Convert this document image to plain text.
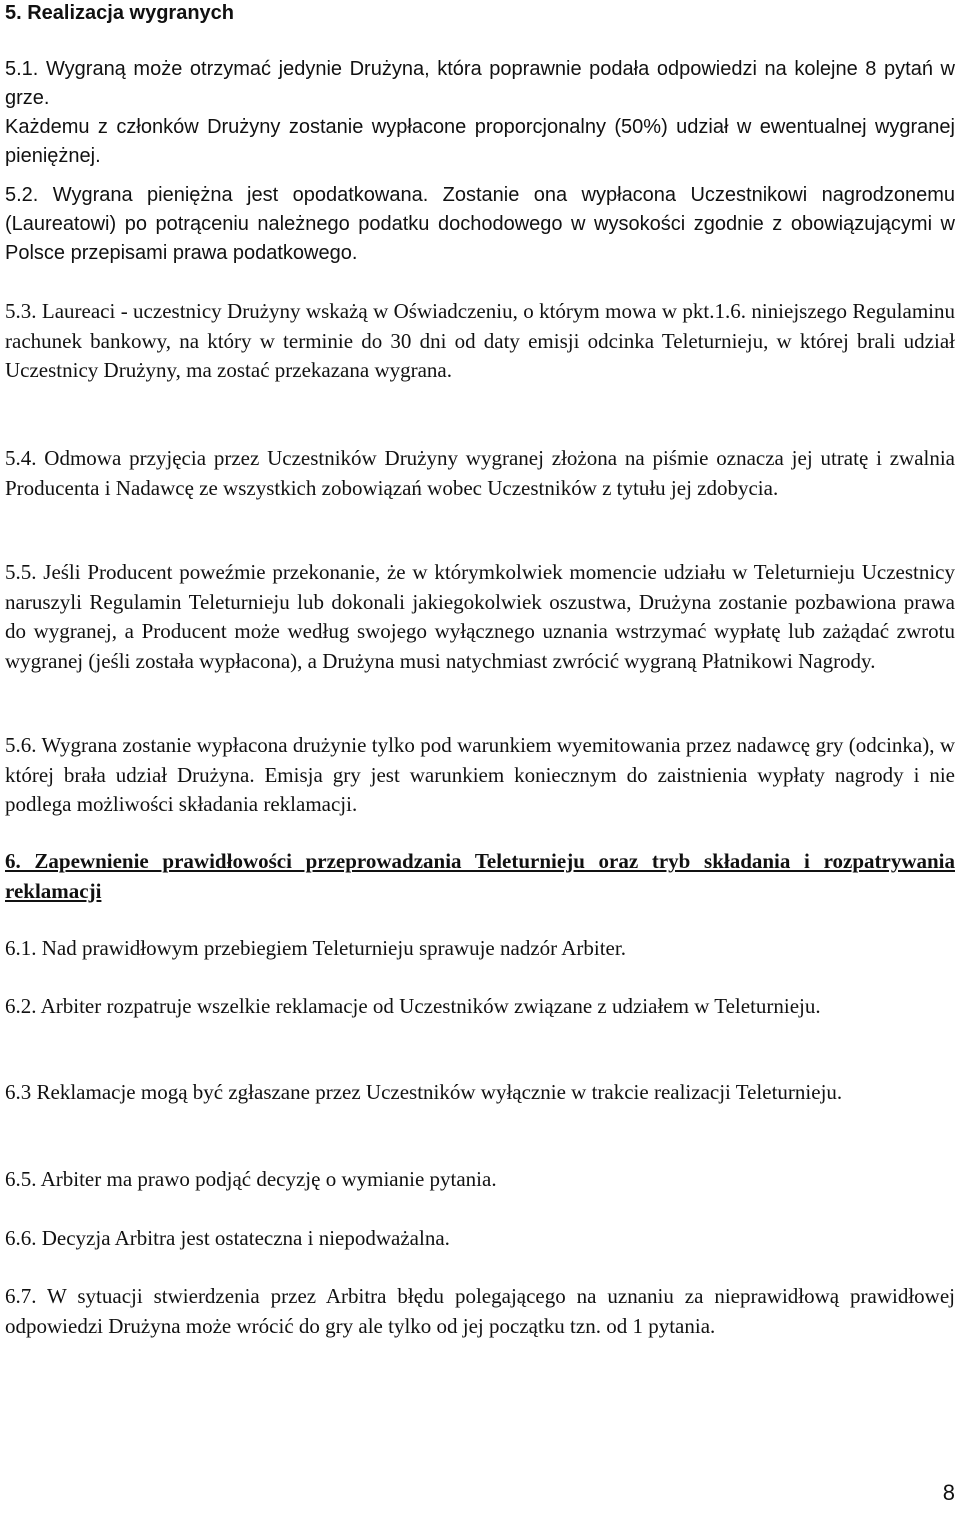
5. Realizacja wygranych

5.1. Wygraną może otrzymać jedynie Drużyna, która poprawnie podała odpowiedzi na kolejne 8 pytań w grze.

Każdemu z członków Drużyny zostanie wypłacone proporcjonalny (50%) udział w ewentualnej wygranej pieniężnej.

5.2. Wygrana pieniężna jest opodatkowana. Zostanie ona wypłacona Uczestnikowi nagrodzonemu (Laureatowi) po potrąceniu należnego podatku dochodowego w wysokości zgodnie z obowiązującymi w Polsce przepisami prawa podatkowego.

5.3. Laureaci - uczestnicy Drużyny wskażą w Oświadczeniu, o którym mowa w pkt.1.6. niniejszego Regulaminu rachunek bankowy, na który w terminie do 30 dni od daty emisji odcinka Teleturnieju, w której brali udział Uczestnicy Drużyny, ma zostać przekazana wygrana.

5.4. Odmowa przyjęcia przez Uczestników Drużyny wygranej złożona na piśmie oznacza jej utratę i zwalnia Producenta i Nadawcę ze wszystkich zobowiązań wobec Uczestników z tytułu jej zdobycia.

5.5. Jeśli Producent poweźmie przekonanie, że w którymkolwiek momencie udziału w Teleturnieju Uczestnicy naruszyli Regulamin Teleturnieju lub dokonali jakiegokolwiek oszustwa, Drużyna zostanie pozbawiona prawa do wygranej, a Producent może według swojego wyłącznego uznania wstrzymać wypłatę lub zażądać zwrotu wygranej (jeśli została wypłacona), a Drużyna musi natychmiast zwrócić wygraną Płatnikowi Nagrody.

5.6. Wygrana zostanie wypłacona drużynie tylko pod warunkiem wyemitowania przez nadawcę gry (odcinka), w której brała udział Drużyna. Emisja gry jest warunkiem koniecznym do zaistnienia wypłaty nagrody i nie podlega możliwości składania reklamacji.

6. Zapewnienie prawidłowości przeprowadzania Teleturnieju oraz tryb składania i rozpatrywania reklamacji

6.1. Nad prawidłowym przebiegiem Teleturnieju sprawuje nadzór Arbiter.

6.2. Arbiter rozpatruje wszelkie reklamacje od Uczestników związane z udziałem w Teleturnieju.

6.3 Reklamacje mogą być zgłaszane przez Uczestników wyłącznie w trakcie realizacji Teleturnieju.

6.5. Arbiter ma prawo podjąć decyzję o wymianie pytania.

6.6. Decyzja Arbitra jest ostateczna i niepodważalna.

6.7. W sytuacji stwierdzenia przez Arbitra błędu polegającego na uznaniu za nieprawidłową prawidłowej odpowiedzi Drużyna może wrócić do gry ale tylko od jej początku tzn. od 1 pytania.

8
